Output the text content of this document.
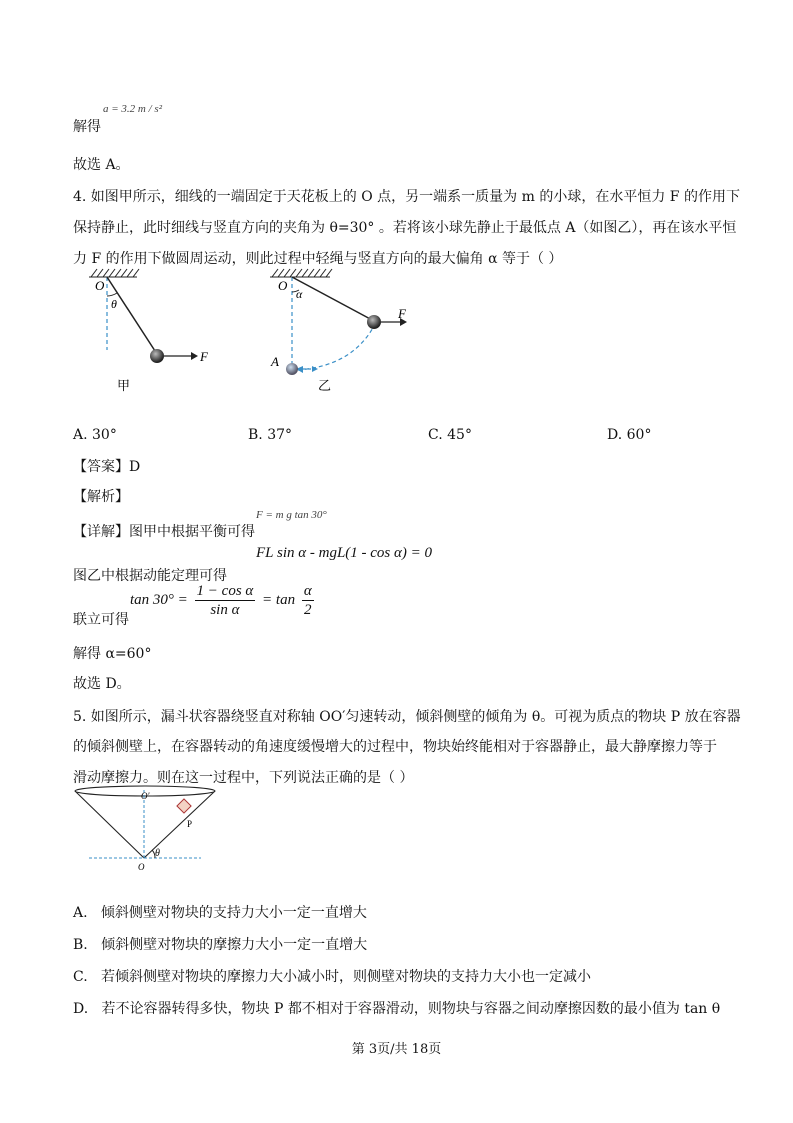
a = 3.2 m / s²
解得
故选 A。
4. 如图甲所示，细线的一端固定于天花板上的 O 点，另一端系一质量为 m 的小球，在水平恒力 F 的作用下
保持静止，此时细线与竖直方向的夹角为 θ=30° 。若将该小球先静止于最低点 A（如图乙），再在该水平恒
力 F 的作用下做圆周运动，则此过程中轻绳与竖直方向的最大偏角 α 等于（ ）
O
θ
F
甲
O
α
F
A
乙
A. 30°	B. 37°	C. 45°	D. 60°
【答案】D
【解析】
F = m g tan 30°
【详解】图甲中根据平衡可得
FL sin α - mgL(1 - cos α) = 0
图乙中根据动能定理可得
$\tan 30^\circ = \frac{\text{1 − cos α}}{\text{sin α}} = \tan \frac{\alpha}{2}$
联立可得
解得 α=60°
故选 D。
5. 如图所示，漏斗状容器绕竖直对称轴 OO′匀速转动，倾斜侧壁的倾角为 θ。可视为质点的物块 P 放在容器
的倾斜侧壁上，在容器转动的角速度缓慢增大的过程中，物块始终能相对于容器静止，最大静摩擦力等于
滑动摩擦力。则在这一过程中，下列说法正确的是（ ）
O′
P
θ
O
A. 倾斜侧壁对物块的支持力大小一定一直增大
B. 倾斜侧壁对物块的摩擦力大小一定一直增大
C. 若倾斜侧壁对物块的摩擦力大小减小时，则侧壁对物块的支持力大小也一定减小
D. 若不论容器转得多快，物块 P 都不相对于容器滑动，则物块与容器之间动摩擦因数的最小值为 tan θ
第 3页/共 18页
